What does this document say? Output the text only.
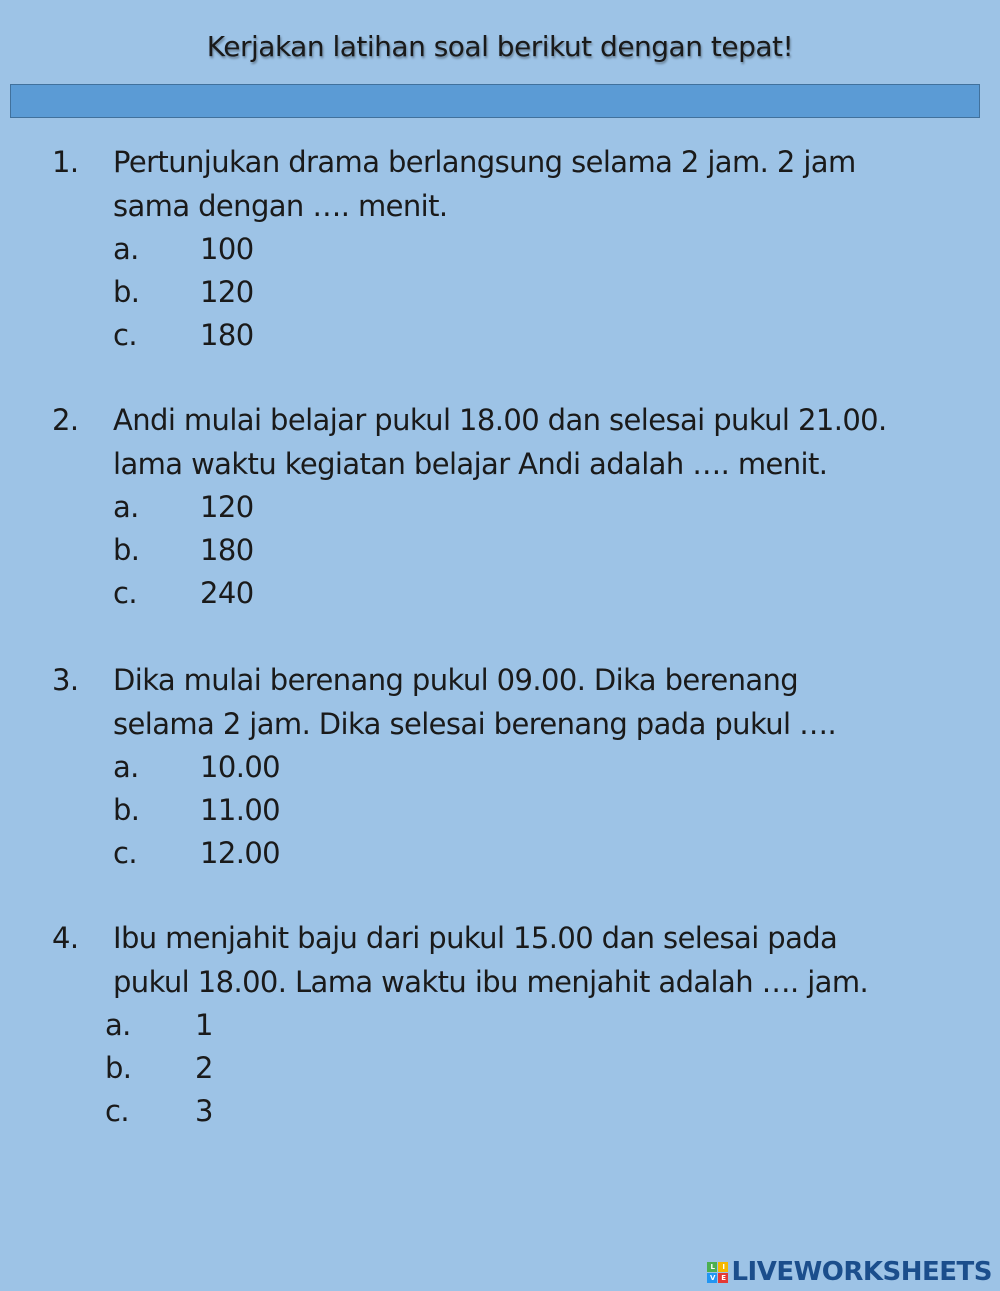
Kerjakan latihan soal berikut dengan tepat!
1. Pertunjukan drama berlangsung selama 2 jam. 2 jam
sama dengan …. menit.
a. 100
b. 120
c. 180
2. Andi mulai belajar pukul 18.00 dan selesai pukul 21.00.
lama waktu kegiatan belajar Andi adalah …. menit.
a. 120
b. 180
c. 240
3. Dika mulai berenang pukul 09.00. Dika berenang
selama 2 jam. Dika selesai berenang pada pukul ….
a. 10.00
b. 11.00
c. 12.00
4. Ibu menjahit baju dari pukul 15.00 dan selesai pada
pukul 18.00. Lama waktu ibu menjahit adalah …. jam.
a. 1
b. 2
c. 3
L	I
V E LIVEWORKSHEETS
